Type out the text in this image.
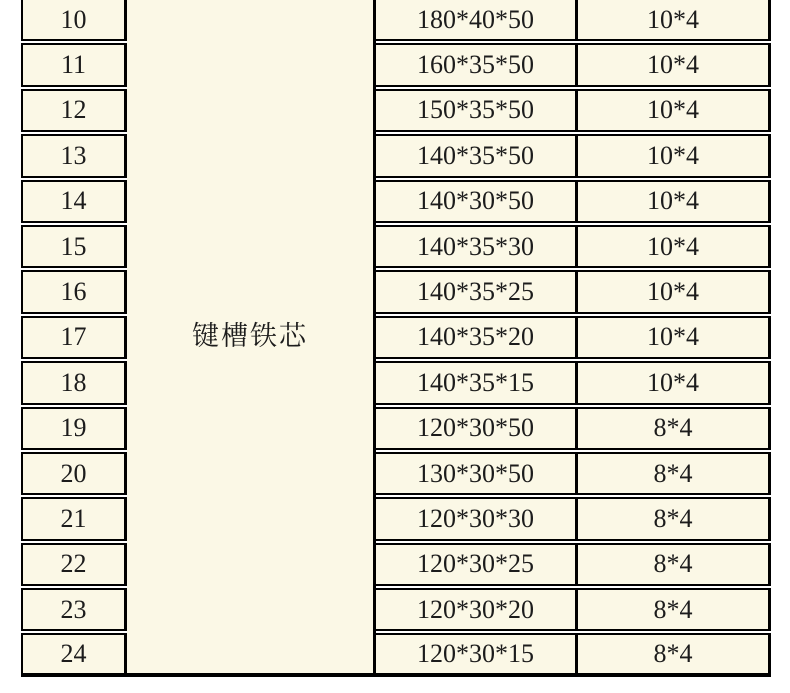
键槽铁芯
10	180*40*50	10*4
11	160*35*50	10*4
12	150*35*50	10*4
13	140*35*50	10*4
14	140*30*50	10*4
15	140*35*30	10*4
16	140*35*25	10*4
17	140*35*20	10*4
18	140*35*15	10*4
19	120*30*50	8*4
20	130*30*50	8*4
21	120*30*30	8*4
22	120*30*25	8*4
23	120*30*20	8*4
24	120*30*15	8*4
